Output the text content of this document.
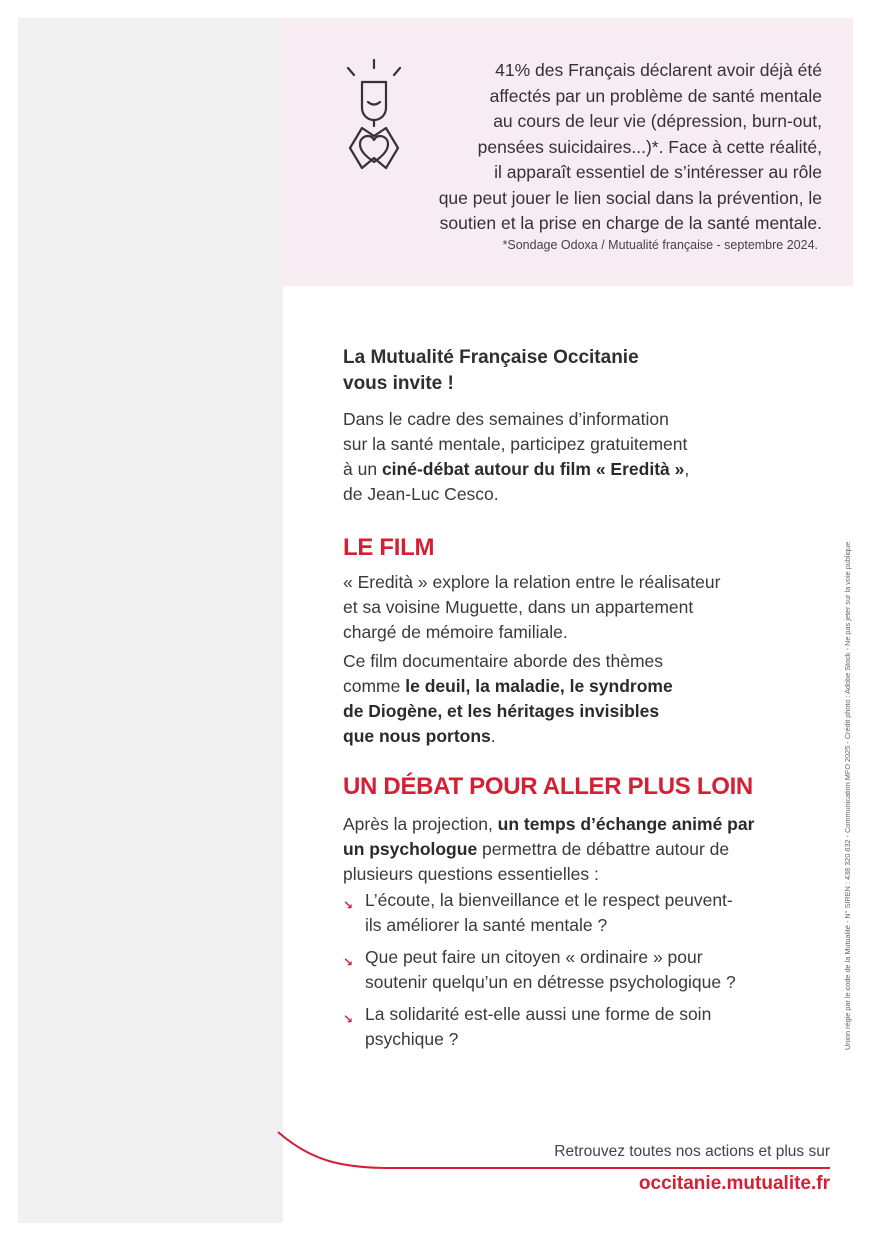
41% des Français déclarent avoir déjà été
affectés par un problème de santé mentale
au cours de leur vie (dépression, burn-out,
pensées suicidaires...)*. Face à cette réalité,
il apparaît essentiel de s’intéresser au rôle
que peut jouer le lien social dans la prévention, le
soutien et la prise en charge de la santé mentale.
*Sondage Odoxa / Mutualité française - septembre 2024.
La Mutualité Française Occitanie
vous invite !
Dans le cadre des semaines d’information
sur la santé mentale, participez gratuitement
à un ciné-débat autour du film « Eredità »,
de Jean-Luc Cesco.
LE FILM
« Eredità » explore la relation entre le réalisateur
et sa voisine Muguette, dans un appartement
chargé de mémoire familiale.
Ce film documentaire aborde des thèmes
comme le deuil, la maladie, le syndrome
de Diogène, et les héritages invisibles
que nous portons.
UN DÉBAT POUR ALLER PLUS LOIN
Après la projection, un temps d’échange animé par
un psychologue permettra de débattre autour de
plusieurs questions essentielles :
↘ L’écoute, la bienveillance et le respect peuvent-
ils améliorer la santé mentale ?
↘ Que peut faire un citoyen « ordinaire » pour
soutenir quelqu’un en détresse psychologique ?
↘ La solidarité est-elle aussi une forme de soin
psychique ?	Union régie par le code de la Mutualité - N° SIREN : 438 320 632 - Communication MFO 2025 - Crédit photo : Adobe Stock - Ne pas jeter sur la voie publique
Retrouvez toutes nos actions et plus sur
occitanie.mutualite.fr
